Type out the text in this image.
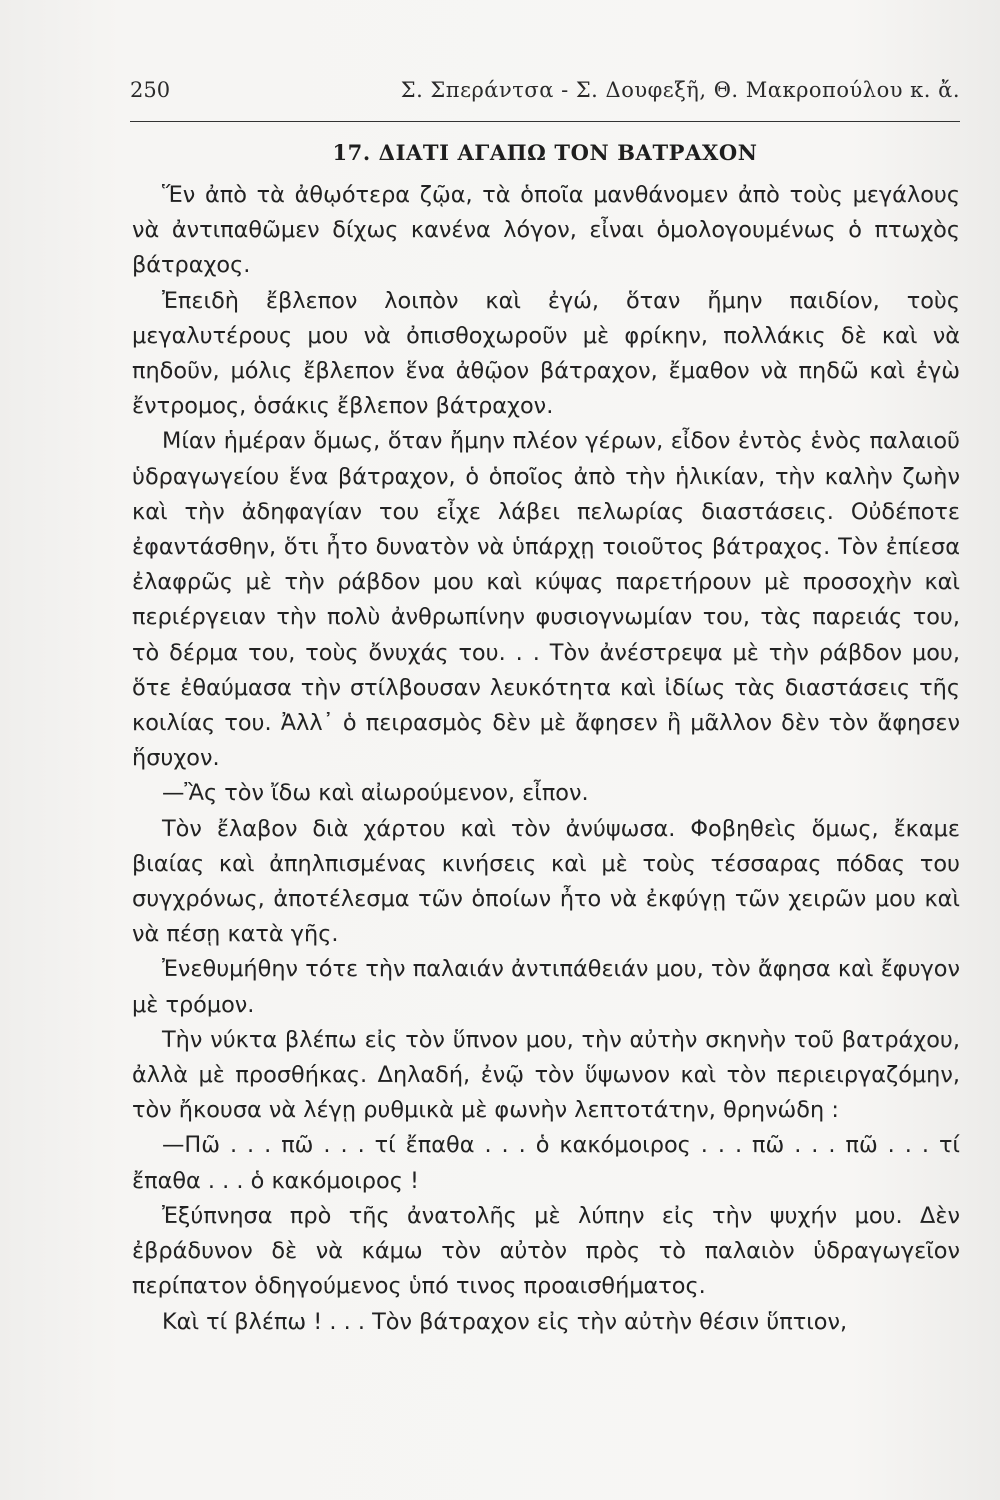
250	Σ. Σπεράντσα - Σ. Δουφεξῆ, Θ. Μακροπούλου κ. ἄ.
17. ΔΙΑΤΙ ΑΓΑΠΩ ΤΟΝ ΒΑΤΡΑΧΟΝ

Ἕν ἀπὸ τὰ ἀθῳότερα ζῷα, τὰ ὁποῖα μανθάνομεν ἀπὸ τοὺς μεγάλους νὰ ἀντιπαθῶμεν δίχως κανένα λόγον, εἶναι ὁμολογουμένως ὁ πτωχὸς βάτραχος.

Ἐπειδὴ ἔβλεπον λοιπὸν καὶ ἐγώ, ὅταν ἤμην παιδίον, τοὺς μεγαλυτέρους μου νὰ ὀπισθοχωροῦν μὲ φρίκην, πολλάκις δὲ καὶ νὰ πηδοῦν, μόλις ἔβλεπον ἕνα ἀθῷον βάτραχον, ἔμαθον νὰ πηδῶ καὶ ἐγὼ ἔντρομος, ὁσάκις ἔβλεπον βάτραχον.

Μίαν ἡμέραν ὅμως, ὅταν ἤμην πλέον γέρων, εἶδον ἐντὸς ἑνὸς παλαιοῦ ὑδραγωγείου ἕνα βάτραχον, ὁ ὁποῖος ἀπὸ τὴν ἡλικίαν, τὴν καλὴν ζωὴν καὶ τὴν ἀδηφαγίαν του εἶχε λάβει πελωρίας διαστάσεις. Οὐδέποτε ἐφαντάσθην, ὅτι ἦτο δυνατὸν νὰ ὑπάρχῃ τοιοῦτος βάτραχος. Τὸν ἐπίεσα ἐλαφρῶς μὲ τὴν ράβδον μου καὶ κύψας παρετήρουν μὲ προσοχὴν καὶ περιέργειαν τὴν πολὺ ἀνθρωπίνην φυσιογνωμίαν του, τὰς παρειάς του, τὸ δέρμα του, τοὺς ὄνυχάς του. . . Τὸν ἀνέστρεψα μὲ τὴν ράβδον μου, ὅτε ἐθαύμασα τὴν στίλβουσαν λευκότητα καὶ ἰδίως τὰς διαστάσεις τῆς κοιλίας του. Ἀλλ᾽ ὁ πειρασμὸς δὲν μὲ ἄφησεν ἢ μᾶλλον δὲν τὸν ἄφησεν ἥσυχον.

—Ἂς τὸν ἴδω καὶ αἰωρούμενον, εἶπον.

Τὸν ἔλαβον διὰ χάρτου καὶ τὸν ἀνύψωσα. Φοβηθεὶς ὅμως, ἔκαμε βιαίας καὶ ἀπηλπισμένας κινήσεις καὶ μὲ τοὺς τέσσαρας πόδας του συγχρόνως, ἀποτέλεσμα τῶν ὁποίων ἦτο νὰ ἐκφύγῃ τῶν χειρῶν μου καὶ νὰ πέσῃ κατὰ γῆς.

Ἐνεθυμήθην τότε τὴν παλαιάν ἀντιπάθειάν μου, τὸν ἄφησα καὶ ἔφυγον μὲ τρόμον.

Τὴν νύκτα βλέπω εἰς τὸν ὕπνον μου, τὴν αὐτὴν σκηνὴν τοῦ βατράχου, ἀλλὰ μὲ προσθήκας. Δηλαδή, ἐνῷ τὸν ὕψωνον καὶ τὸν περιειργαζόμην, τὸν ἤκουσα νὰ λέγῃ ρυθμικὰ μὲ φωνὴν λεπτοτάτην, θρηνώδη :

—Πῶ . . . πῶ . . . τί ἔπαθα . . . ὁ κακόμοιρος . . . πῶ . . . πῶ . . . τί ἔπαθα . . . ὁ κακόμοιρος !

Ἐξύπνησα πρὸ τῆς ἀνατολῆς μὲ λύπην εἰς τὴν ψυχήν μου. Δὲν ἐβράδυνον δὲ νὰ κάμω τὸν αὐτὸν πρὸς τὸ παλαιὸν ὑδραγωγεῖον περίπατον ὁδηγούμενος ὑπό τινος προαισθήματος.

Καὶ τί βλέπω ! . . . Τὸν βάτραχον εἰς τὴν αὐτὴν θέσιν ὕπτιον,
